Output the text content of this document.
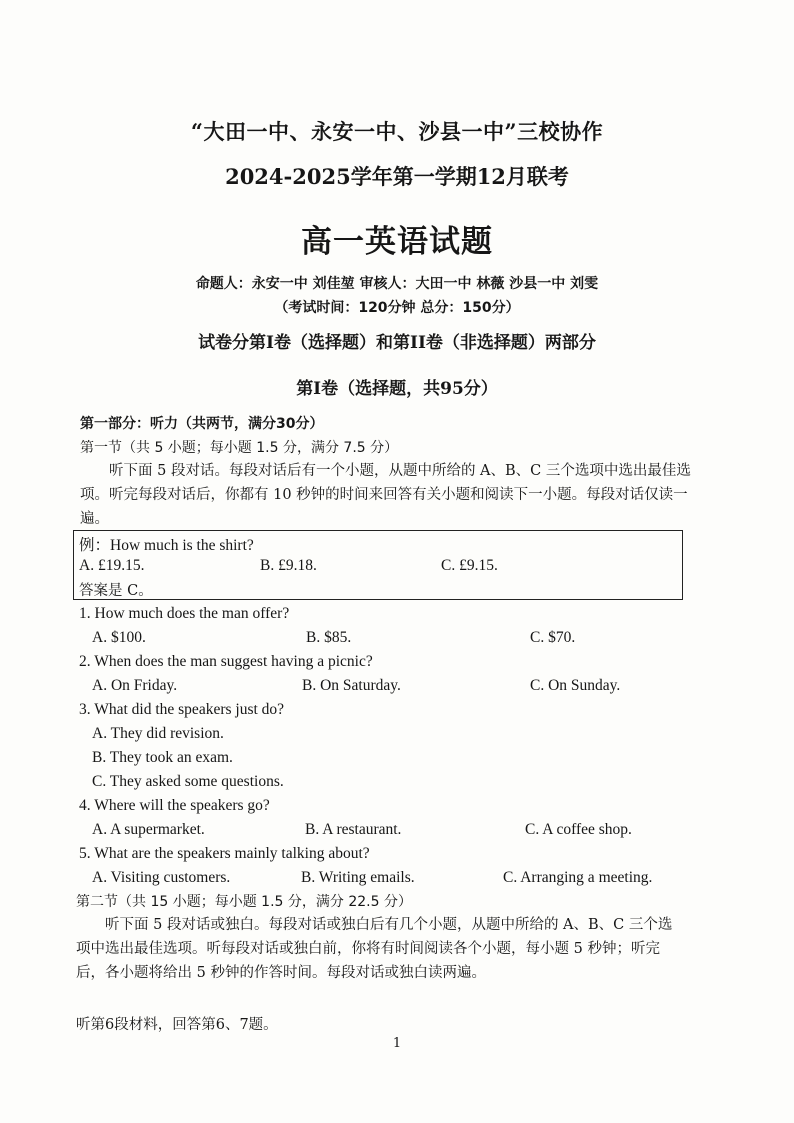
“大田一中、永安一中、沙县一中”三校协作
2024-2025学年第一学期12月联考
高一英语试题
命题人：永安一中 刘佳堃 审核人：大田一中 林薇 沙县一中 刘雯
（考试时间：120分钟 总分：150分）
试卷分第I卷（选择题）和第II卷（非选择题）两部分
第I卷（选择题，共95分）
第一部分：听力（共两节，满分30分）
第一节（共 5 小题；每小题 1.5 分，满分 7.5 分）
听下面 5 段对话。每段对话后有一个小题，从题中所给的 A、B、C 三个选项中选出最佳选项。听完每段对话后，你都有 10 秒钟的时间来回答有关小题和阅读下一小题。每段对话仅读一遍。
例：How much is the shirt?
A. £19.15.	B. £9.18.	C. £9.15.
答案是 C。
1. How much does the man offer?
A. $100.	B. $85.	C. $70.
2. When does the man suggest having a picnic?
A. On Friday.	B. On Saturday.	C. On Sunday.
3. What did the speakers just do?
A. They did revision.
B. They took an exam.
C. They asked some questions.
4. Where will the speakers go?
A. A supermarket.	B. A restaurant.	C. A coffee shop.
5. What are the speakers mainly talking about?
A. Visiting customers.	B. Writing emails.	C. Arranging a meeting.
第二节（共 15 小题；每小题 1.5 分，满分 22.5 分）
听下面 5 段对话或独白。每段对话或独白后有几个小题，从题中所给的 A、B、C 三个选项中选出最佳选项。听每段对话或独白前，你将有时间阅读各个小题，每小题 5 秒钟；听完后，各小题将给出 5 秒钟的作答时间。每段对话或独白读两遍。
听第6段材料，回答第6、7题。
1
